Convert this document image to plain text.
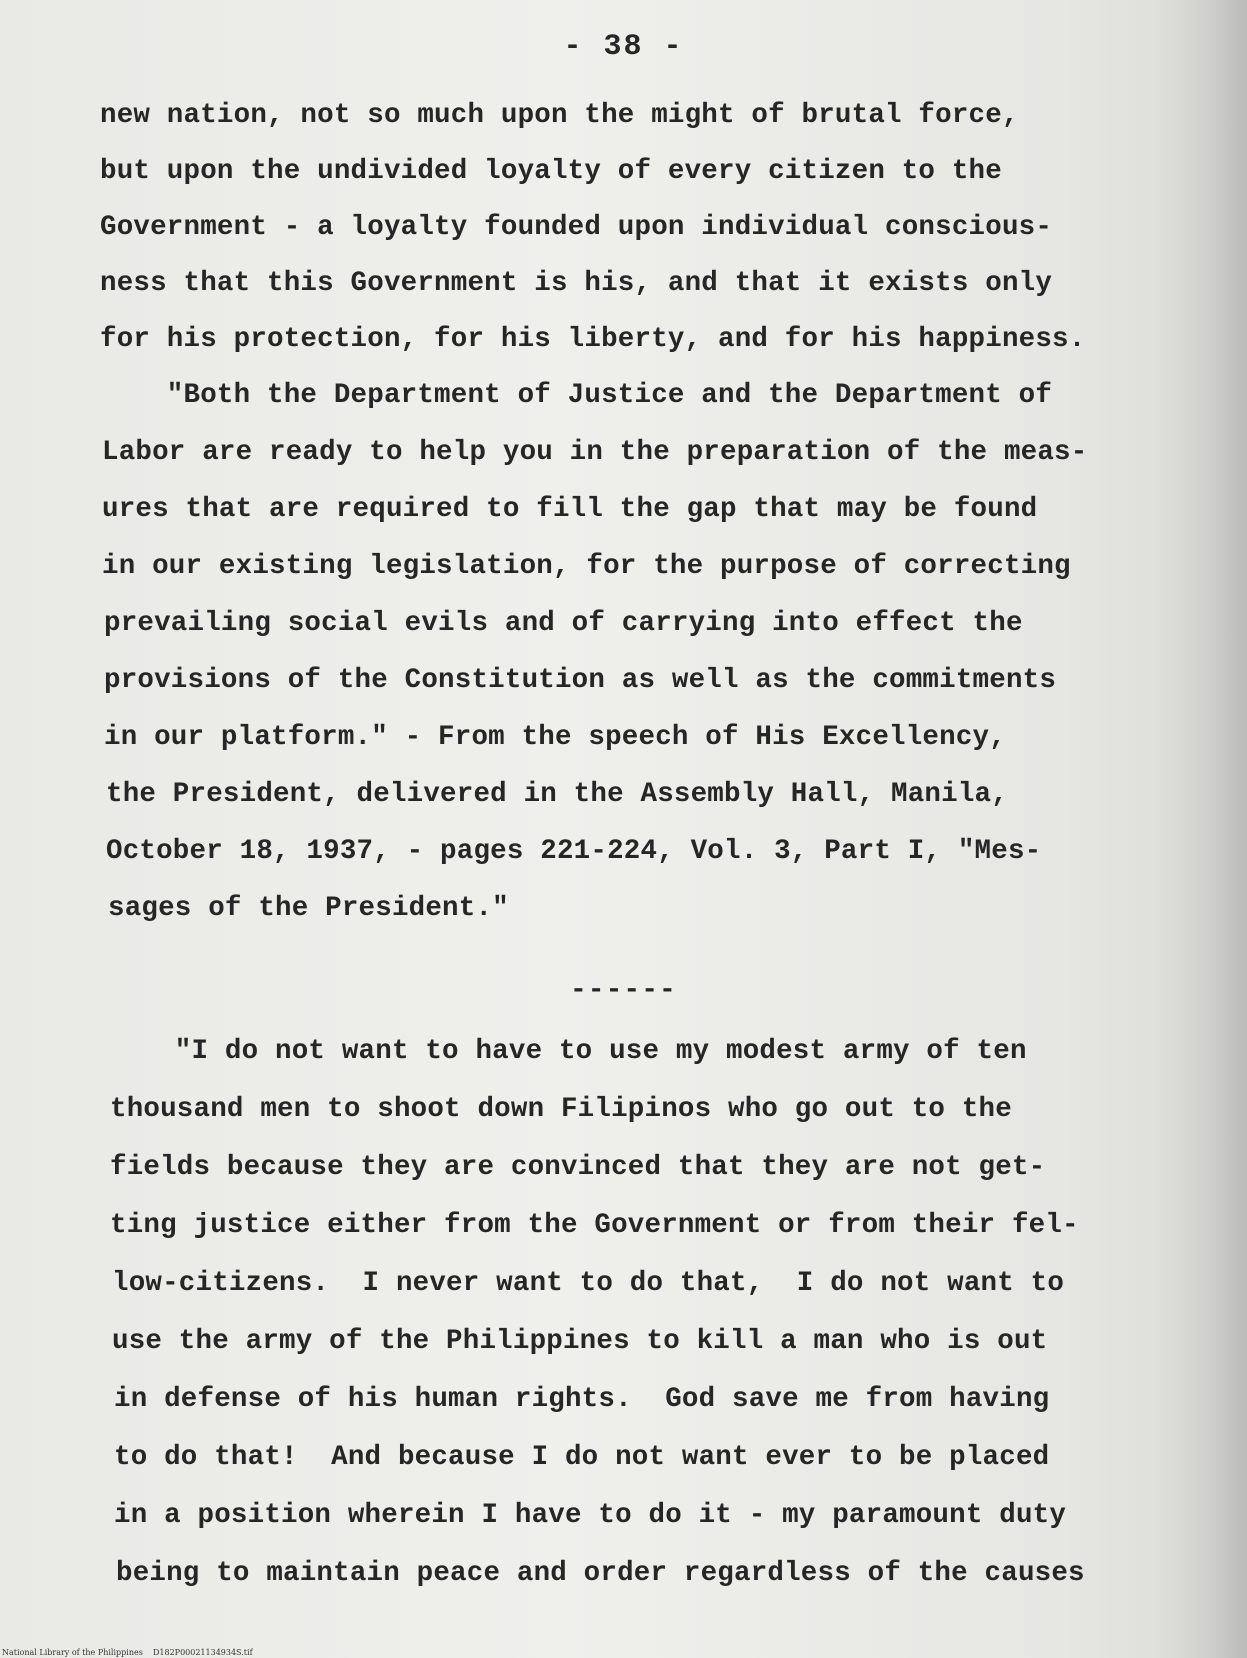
- 38 -
new nation, not so much upon the might of brutal force,
but upon the undivided loyalty of every citizen to the
Government - a loyalty founded upon individual conscious-
ness that this Government is his, and that it exists only
for his protection, for his liberty, and for his happiness.
"Both the Department of Justice and the Department of
Labor are ready to help you in the preparation of the meas-
ures that are required to fill the gap that may be found
in our existing legislation, for the purpose of correcting
prevailing social evils and of carrying into effect the
provisions of the Constitution as well as the commitments
in our platform." - From the speech of His Excellency,
the President, delivered in the Assembly Hall, Manila,
October 18, 1937, - pages 221-224, Vol. 3, Part I, "Mes-
sages of the President."
------
"I do not want to have to use my modest army of ten
thousand men to shoot down Filipinos who go out to the
fields because they are convinced that they are not get-
ting justice either from the Government or from their fel-
low-citizens.  I never want to do that,  I do not want to
use the army of the Philippines to kill a man who is out
in defense of his human rights.  God save me from having
to do that!  And because I do not want ever to be placed
in a position wherein I have to do it - my paramount duty
being to maintain peace and order regardless of the causes
National Library of the Philippines    D182P00021134934S.tif
